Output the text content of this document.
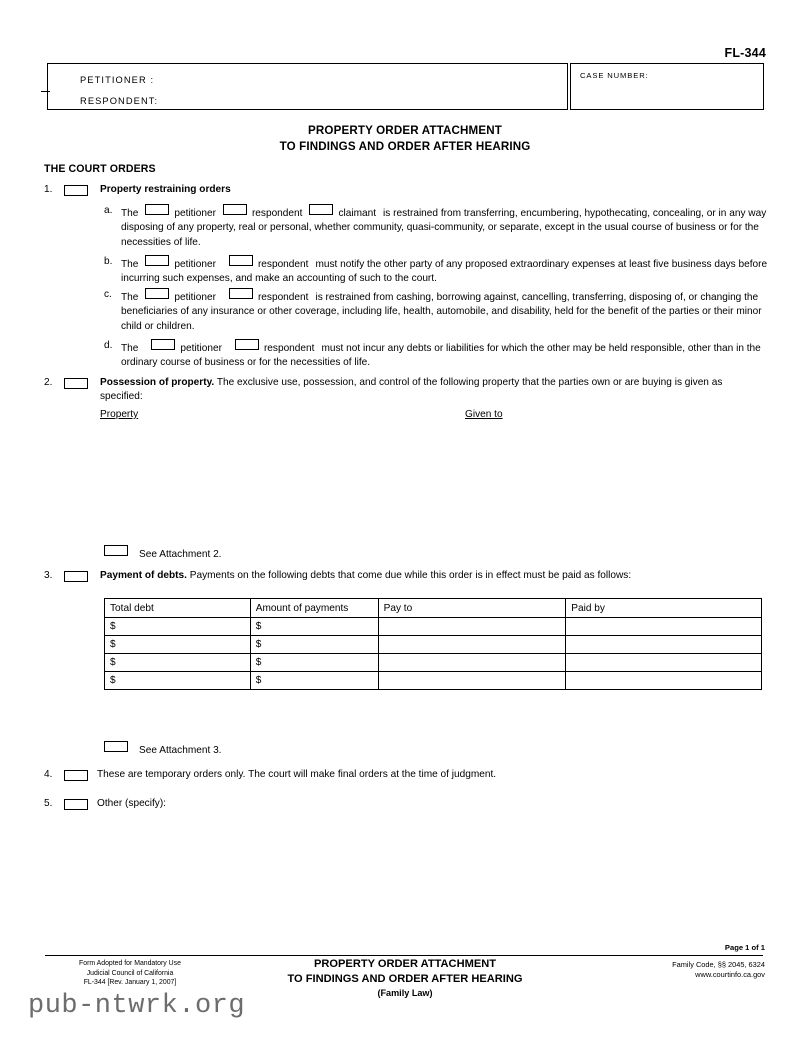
FL-344
PETITIONER :
RESPONDENT:
CASE NUMBER:
PROPERTY ORDER ATTACHMENT
TO FINDINGS AND ORDER AFTER HEARING
THE COURT ORDERS
1.	Property restraining orders
a. The	petitioner	respondent	claimant is restrained from transferring, encumbering, hypothecating, concealing, or in any way disposing of any property, real or personal, whether community, quasi-community, or separate, except in the usual course of business or for the necessities of life.
b. The	petitioner	respondent must notify the other party of any proposed extraordinary expenses at least five business days before incurring such expenses, and make an accounting of such to the court.
c. The	petitioner	respondent is restrained from cashing, borrowing against, cancelling, transferring, disposing of, or changing the beneficiaries of any insurance or other coverage, including life, health, automobile, and disability, held for the benefit of the parties or their minor child or children.
d. The	petitioner	respondent must not incur any debts or liabilities for which the other may be held responsible, other than in the ordinary course of business or for the necessities of life.
2.	Possession of property. The exclusive use, possession, and control of the following property that the parties own or are buying is given as specified:
Property	Given to
See Attachment 2.
3.	Payment of debts. Payments on the following debts that come due while this order is in effect must be paid as follows:
Total debt	Amount of payments	Pay to	Paid by
$	$		
$	$		
$	$		
$	$		
See Attachment 3.
4.	These are temporary orders only. The court will make final orders at the time of judgment.
5.	Other (specify):
Page 1 of 1
Form Adopted for Mandatory Use
Judicial Council of California
FL-344 [Rev. January 1, 2007]
PROPERTY ORDER ATTACHMENT
TO FINDINGS AND ORDER AFTER HEARING
(Family Law)
Family Code, §§ 2045, 6324
www.courtinfo.ca.gov
pub-ntwrk.org
